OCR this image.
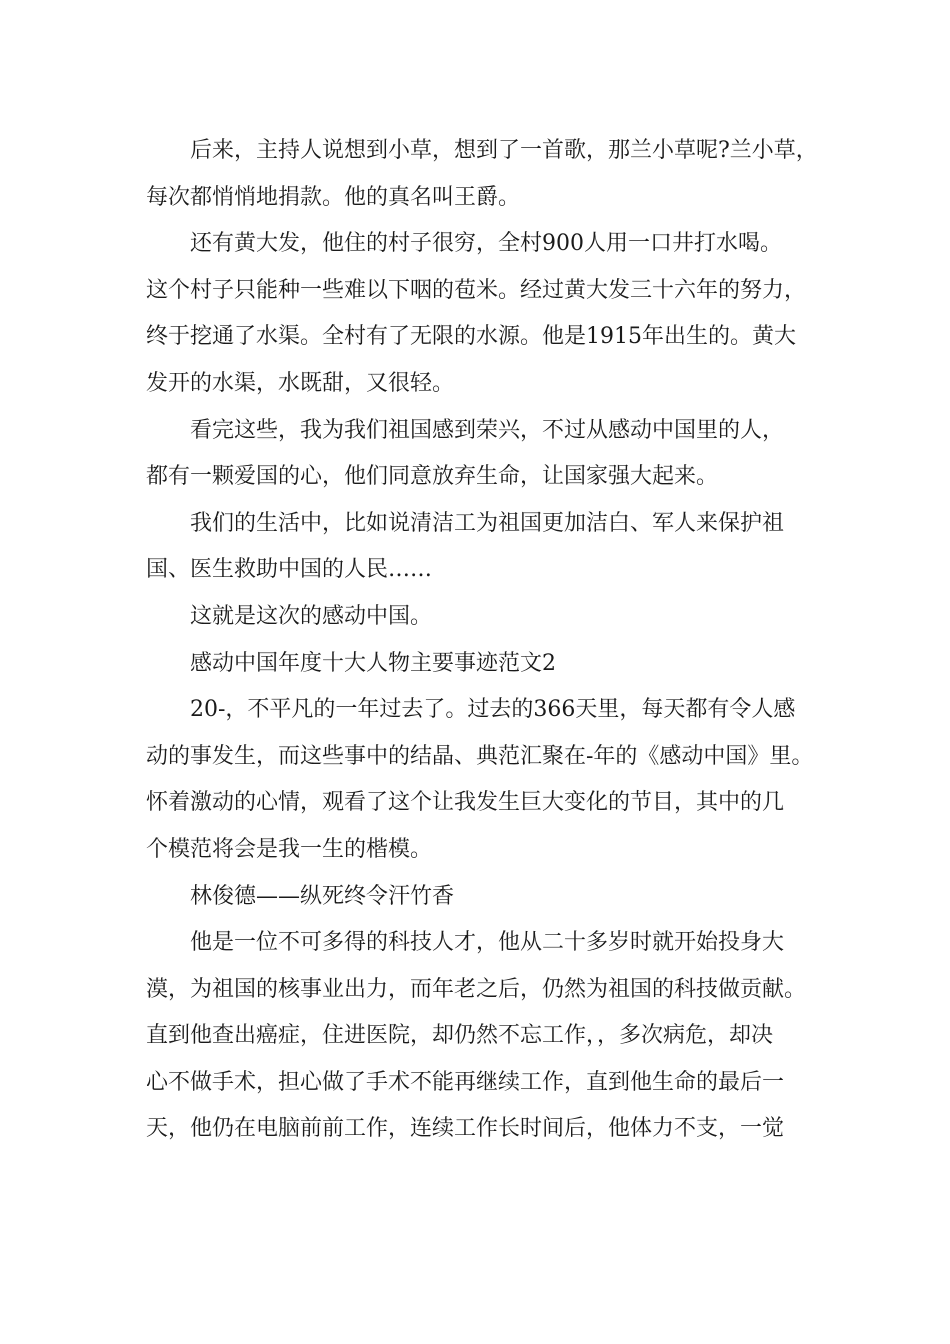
后来，主持人说想到小草，想到了一首歌，那兰小草呢?兰小草，
每次都悄悄地捐款。他的真名叫王爵。

还有黄大发，他住的村子很穷，全村900人用一口井打水喝。
这个村子只能种一些难以下咽的苞米。经过黄大发三十六年的努力，
终于挖通了水渠。全村有了无限的水源。他是1915年出生的。黄大
发开的水渠，水既甜，又很轻。

看完这些，我为我们祖国感到荣兴，不过从感动中国里的人，
都有一颗爱国的心，他们同意放弃生命，让国家强大起来。

我们的生活中，比如说清洁工为祖国更加洁白、军人来保护祖
国、医生救助中国的人民……

这就是这次的感动中国。

感动中国年度十大人物主要事迹范文2

20-，不平凡的一年过去了。过去的366天里，每天都有令人感
动的事发生，而这些事中的结晶、典范汇聚在-年的《感动中国》里。
怀着激动的心情，观看了这个让我发生巨大变化的节目，其中的几
个模范将会是我一生的楷模。

林俊德——纵死终令汗竹香

他是一位不可多得的科技人才，他从二十多岁时就开始投身大
漠，为祖国的核事业出力，而年老之后，仍然为祖国的科技做贡献。
直到他查出癌症，住进医院，却仍然不忘工作，，多次病危，却决
心不做手术，担心做了手术不能再继续工作，直到他生命的最后一
天，他仍在电脑前前工作，连续工作长时间后，他体力不支，一觉
